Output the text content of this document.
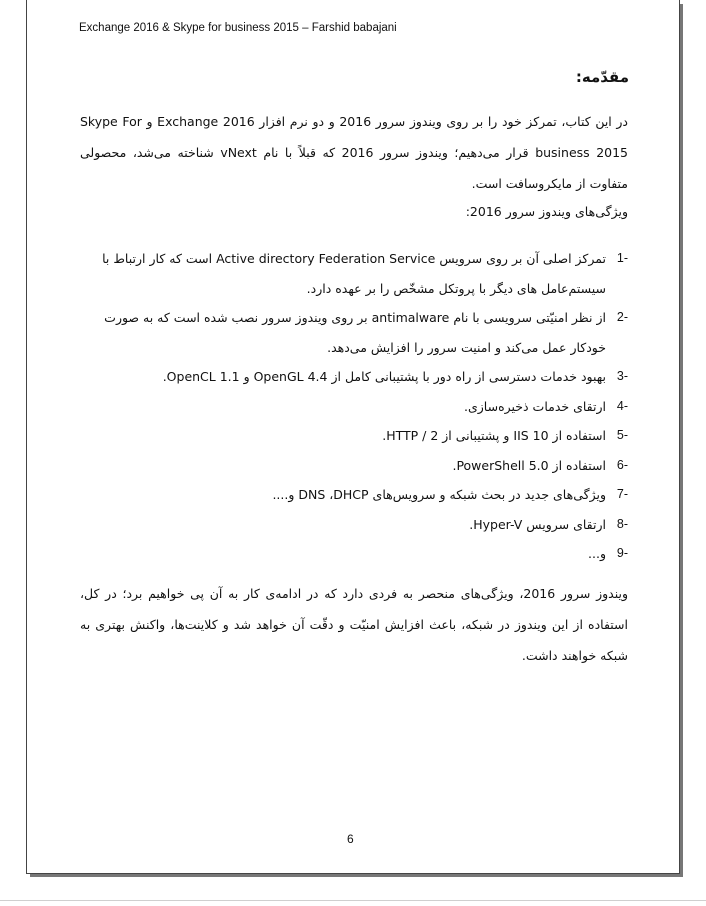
Exchange 2016 & Skype for business 2015 – Farshid babajani
مقدّمه:
در این کتاب، تمرکز خود را بر روی ویندوز سرور 2016 و دو نرم افزار Exchange 2016 و Skype For business 2015 قرار می‌دهیم؛ ویندوز سرور 2016 که قبلاً با نام vNext شناخته می‌شد، محصولی متفاوت از مایکروسافت است.
ویژگی‌های ویندوز سرور 2016:
-1
تمرکز اصلی آن بر روی سرویس Active directory Federation Service است که کار ارتباط با سیستم‌عامل های دیگر با پروتکل مشخّص را بر عهده دارد.
-2
از نظر امنیّتی سرویسی با نام antimalware بر روی ویندوز سرور نصب شده است که به صورت خودکار عمل می‌کند و امنیت سرور را افزایش می‌دهد.
-3
بهبود خدمات دسترسی از راه دور با پشتیبانی کامل از OpenGL 4.4 و OpenCL 1.1.
-4
ارتقای خدمات ذخیره‌سازی.
-5
استفاده از IIS 10 و پشتیبانی از HTTP / 2.
-6
استفاده از PowerShell 5.0.
-7
ویژگی‌های جدید در بحث شبکه و سرویس‌های DNS ،DHCP و....
-8
ارتقای سرویس Hyper-V.
-9
و...
ویندوز سرور 2016، ویژگی‌های منحصر به فردی دارد که در ادامه‌ی کار به آن پی خواهیم برد؛ در کل، استفاده از این ویندوز در شبکه، باعث افزایش امنیّت و دقّت آن خواهد شد و کلاینت‌ها، واکنش بهتری به شبکه خواهند داشت.
6
